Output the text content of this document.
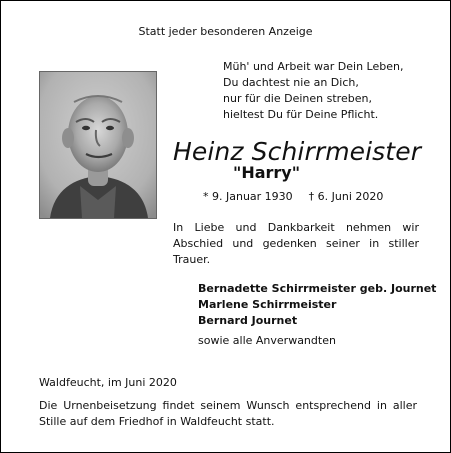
Statt jeder besonderen Anzeige
Müh' und Arbeit war Dein Leben,
Du dachtest nie an Dich,
nur für die Deinen streben,
hieltest Du für Deine Pflicht.
Heinz Schirrmeister
"Harry"
* 9. Januar 1930 † 6. Juni 2020
In Liebe und Dankbarkeit nehmen wir Abschied und gedenken seiner in stiller Trauer.
Bernadette Schirrmeister geb. Journet
Marlene Schirrmeister
Bernard Journet
sowie alle Anverwandten
Waldfeucht, im Juni 2020
Die Urnenbeisetzung findet seinem Wunsch entsprechend in aller Stille auf dem Friedhof in Waldfeucht statt.
